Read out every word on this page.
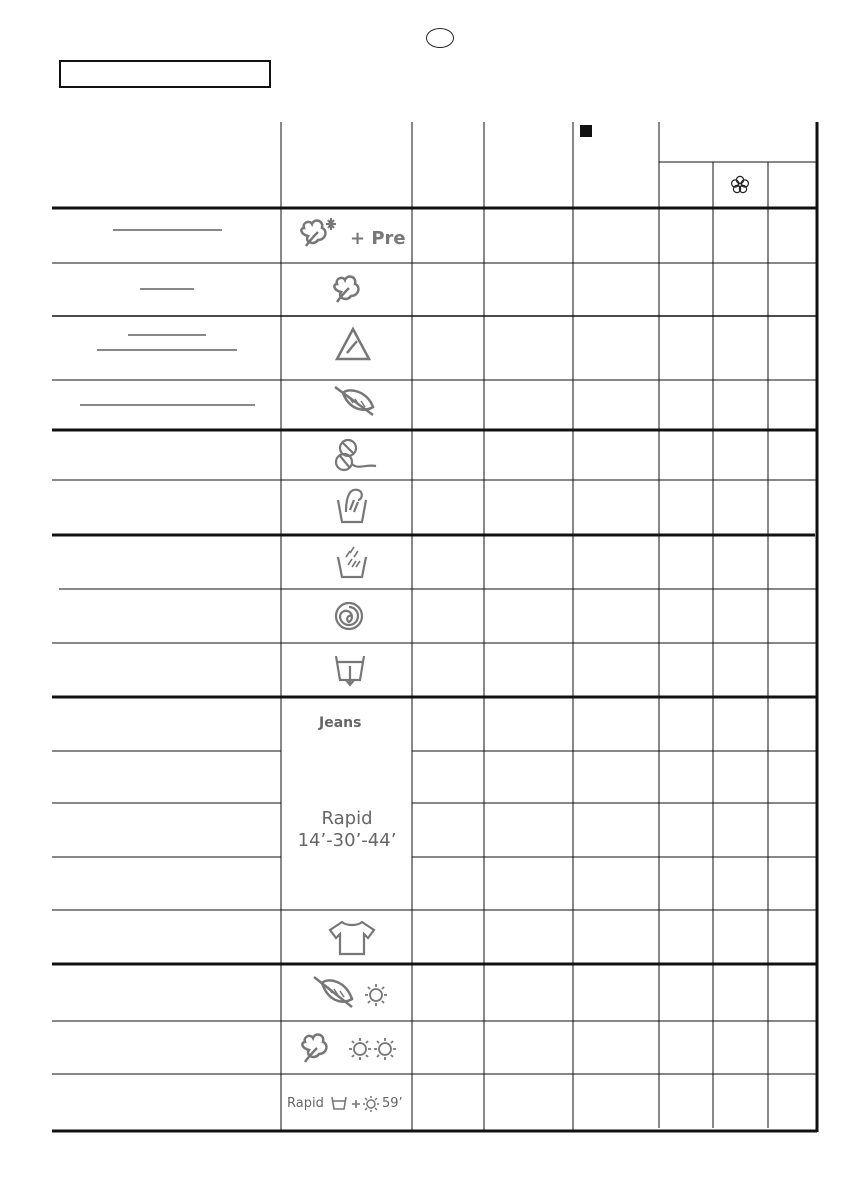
+ Pre
Jeans
Rapid
14’-30’-44’
Rapid	59’
